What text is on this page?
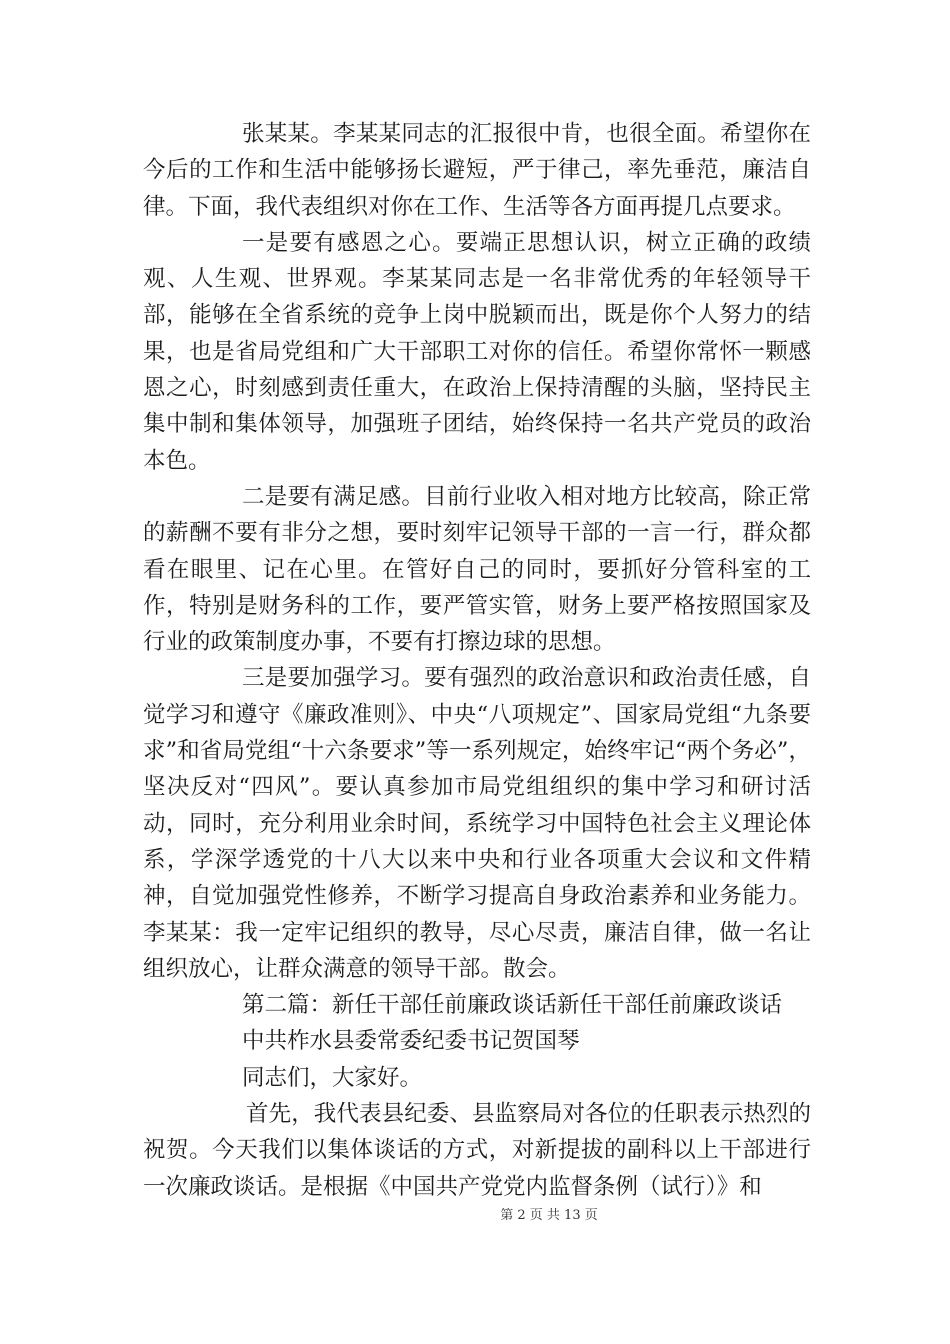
张某某。李某某同志的汇报很中肯，也很全面。希望你在今后的工作和生活中能够扬长避短，严于律己，率先垂范，廉洁自律。下面，我代表组织对你在工作、生活等各方面再提几点要求。

一是要有感恩之心。要端正思想认识，树立正确的政绩观、人生观、世界观。李某某同志是一名非常优秀的年轻领导干部，能够在全省系统的竞争上岗中脱颖而出，既是你个人努力的结果，也是省局党组和广大干部职工对你的信任。希望你常怀一颗感恩之心，时刻感到责任重大，在政治上保持清醒的头脑，坚持民主集中制和集体领导，加强班子团结，始终保持一名共产党员的政治本色。

二是要有满足感。目前行业收入相对地方比较高，除正常的薪酬不要有非分之想，要时刻牢记领导干部的一言一行，群众都看在眼里、记在心里。在管好自己的同时，要抓好分管科室的工作，特别是财务科的工作，要严管实管，财务上要严格按照国家及行业的政策制度办事，不要有打擦边球的思想。

三是要加强学习。要有强烈的政治意识和政治责任感，自觉学习和遵守《廉政准则》、中央“八项规定”、国家局党组“九条要求”和省局党组“十六条要求”等一系列规定，始终牢记“两个务必”，坚决反对“四风”。要认真参加市局党组组织的集中学习和研讨活动，同时，充分利用业余时间，系统学习中国特色社会主义理论体系，学深学透党的十八大以来中央和行业各项重大会议和文件精神，自觉加强党性修养，不断学习提高自身政治素养和业务能力。李某某：我一定牢记组织的教导，尽心尽责，廉洁自律，做一名让组织放心，让群众满意的领导干部。散会。

第二篇：新任干部任前廉政谈话新任干部任前廉政谈话

中共柞水县委常委纪委书记贺国琴

同志们，大家好。

首先，我代表县纪委、县监察局对各位的任职表示热烈的祝贺。今天我们以集体谈话的方式，对新提拔的副科以上干部进行一次廉政谈话。是根据《中国共产党党内监督条例（试行）》和

第 2 页 共 13 页
